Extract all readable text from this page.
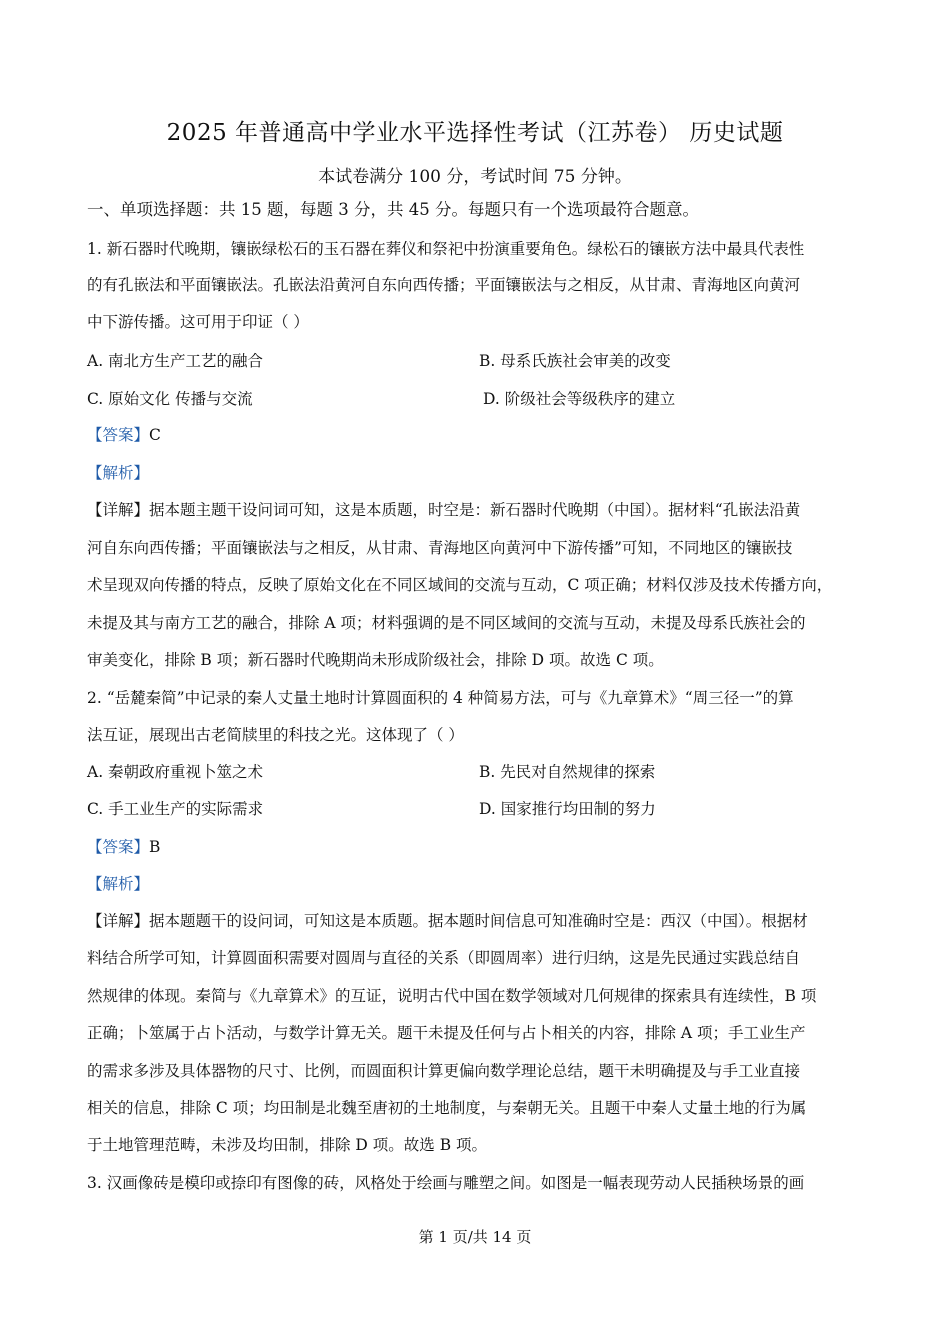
2025 年普通高中学业水平选择性考试（江苏卷） 历史试题
本试卷满分 100 分，考试时间 75 分钟。
一、单项选择题：共 15 题，每题 3 分，共 45 分。每题只有一个选项最符合题意。
1. 新石器时代晚期，镶嵌绿松石的玉石器在葬仪和祭祀中扮演重要角色。绿松石的镶嵌方法中最具代表性
的有孔嵌法和平面镶嵌法。孔嵌法沿黄河自东向西传播；平面镶嵌法与之相反，从甘肃、青海地区向黄河
中下游传播。这可用于印证（ ）
A. 南北方生产工艺的融合	B. 母系氏族社会审美的改变
C. 原始文化 传播与交流	D. 阶级社会等级秩序的建立
【答案】C
【解析】
【详解】据本题主题干设问词可知，这是本质题，时空是：新石器时代晚期（中国）。据材料“孔嵌法沿黄
河自东向西传播；平面镶嵌法与之相反，从甘肃、青海地区向黄河中下游传播”可知，不同地区的镶嵌技
术呈现双向传播的特点，反映了原始文化在不同区域间的交流与互动，C 项正确；材料仅涉及技术传播方向，
未提及其与南方工艺的融合，排除 A 项；材料强调的是不同区域间的交流与互动，未提及母系氏族社会的
审美变化，排除 B 项；新石器时代晚期尚未形成阶级社会，排除 D 项。故选 C 项。
2. “岳麓秦简”中记录的秦人丈量土地时计算圆面积的 4 种简易方法，可与《九章算术》“周三径一”的算
法互证，展现出古老简牍里的科技之光。这体现了（ ）
A. 秦朝政府重视卜筮之术	B. 先民对自然规律的探索
C. 手工业生产的实际需求	D. 国家推行均田制的努力
【答案】B
【解析】
【详解】据本题题干的设问词，可知这是本质题。据本题时间信息可知准确时空是：西汉（中国）。根据材
料结合所学可知，计算圆面积需要对圆周与直径的关系（即圆周率）进行归纳，这是先民通过实践总结自
然规律的体现。秦简与《九章算术》的互证，说明古代中国在数学领域对几何规律的探索具有连续性，B 项
正确；卜筮属于占卜活动，与数学计算无关。题干未提及任何与占卜相关的内容，排除 A 项；手工业生产
的需求多涉及具体器物的尺寸、比例，而圆面积计算更偏向数学理论总结，题干未明确提及与手工业直接
相关的信息，排除 C 项；均田制是北魏至唐初的土地制度，与秦朝无关。且题干中秦人丈量土地的行为属
于土地管理范畴，未涉及均田制，排除 D 项。故选 B 项。
3. 汉画像砖是模印或捺印有图像的砖，风格处于绘画与雕塑之间。如图是一幅表现劳动人民插秧场景的画
第 1 页/共 14 页
